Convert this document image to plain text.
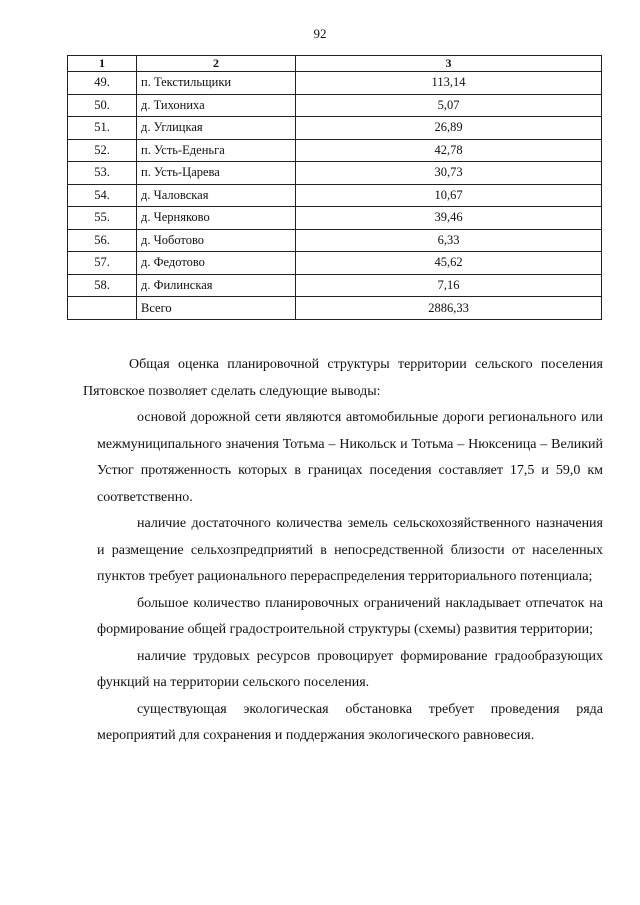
92
1	2	3
49.	п. Текстильщики	113,14
50.	д. Тихониха	5,07
51.	д. Углицкая	26,89
52.	п. Усть-Еденьга	42,78
53.	п. Усть-Царева	30,73
54.	д. Чаловская	10,67
55.	д. Черняково	39,46
56.	д. Чоботово	6,33
57.	д. Федотово	45,62
58.	д. Филинская	7,16
	Всего	2886,33

Общая оценка планировочной структуры территории сельского поселения Пятовское позволяет сделать следующие выводы:

основой дорожной сети являются автомобильные дороги регионального или межмуниципального значения Тотьма – Никольск и Тотьма – Нюксеница – Великий Устюг протяженность которых в границах поседения составляет 17,5 и 59,0 км соответственно.

наличие достаточного количества земель сельскохозяйственного назначения и размещение сельхозпредприятий в непосредственной близости от населенных пунктов требует рационального перераспределения территориального потенциала;

большое количество планировочных ограничений накладывает отпечаток на формирование общей градостроительной структуры (схемы) развития территории;

наличие трудовых ресурсов провоцирует формирование градообразующих функций на территории сельского поселения.

существующая экологическая обстановка требует проведения ряда мероприятий для сохранения и поддержания экологического равновесия.
